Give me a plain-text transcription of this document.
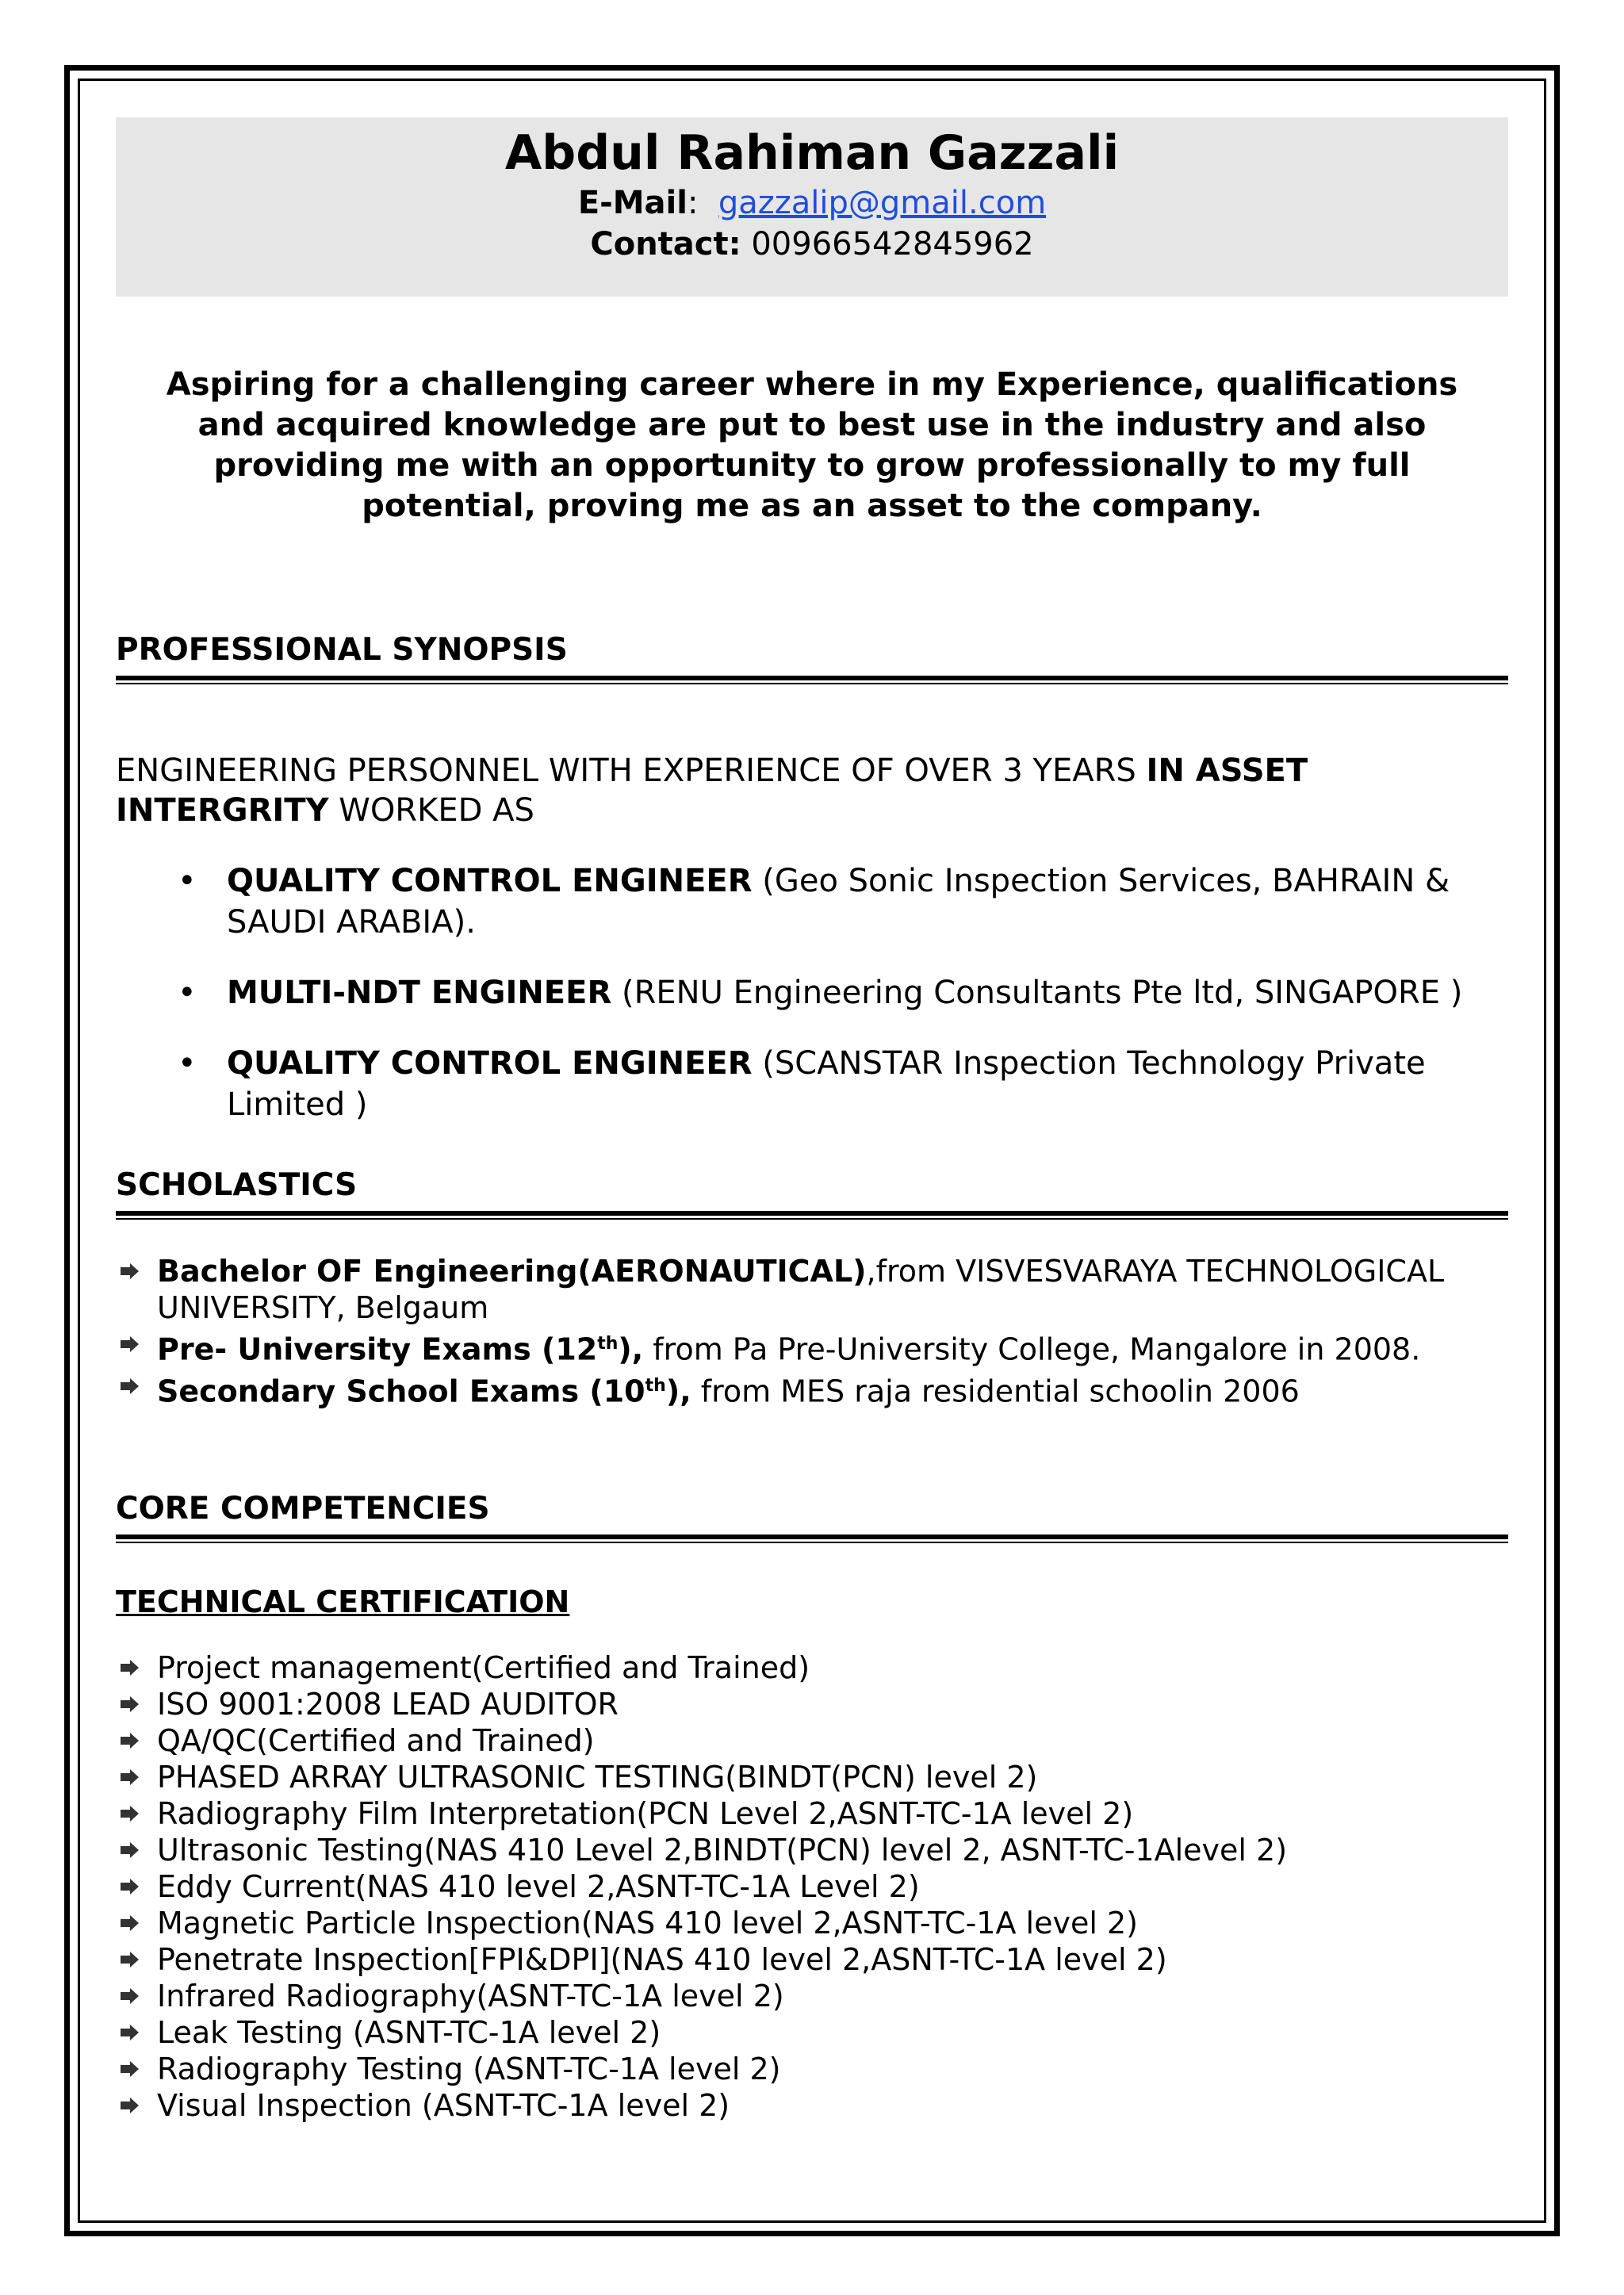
Abdul Rahiman Gazzali
E-Mail:  gazzalip@gmail.com
Contact: 00966542845962
Aspiring for a challenging career where in my Experience, qualifications and acquired knowledge are put to best use in the industry and also providing me with an opportunity to grow professionally to my full potential, proving me as an asset to the company.
PROFESSIONAL SYNOPSIS
ENGINEERING PERSONNEL WITH EXPERIENCE OF OVER 3 YEARS IN ASSET INTERGRITY WORKED AS
• QUALITY CONTROL ENGINEER (Geo Sonic Inspection Services, BAHRAIN & SAUDI ARABIA).
• MULTI-NDT ENGINEER (RENU Engineering Consultants Pte ltd, SINGAPORE )
• QUALITY CONTROL ENGINEER (SCANSTAR Inspection Technology Private Limited )
SCHOLASTICS
Bachelor OF Engineering(AERONAUTICAL),from VISVESVARAYA TECHNOLOGICAL UNIVERSITY, Belgaum
Pre- University Exams (12th), from Pa Pre-University College, Mangalore in 2008.
Secondary School Exams (10th), from MES raja residential schoolin 2006
CORE COMPETENCIES
TECHNICAL CERTIFICATION
Project management(Certified and Trained)
ISO 9001:2008 LEAD AUDITOR
QA/QC(Certified and Trained)
PHASED ARRAY ULTRASONIC TESTING(BINDT(PCN) level 2)
Radiography Film Interpretation(PCN Level 2,ASNT-TC-1A level 2)
Ultrasonic Testing(NAS 410 Level 2,BINDT(PCN) level 2, ASNT-TC-1Alevel 2)
Eddy Current(NAS 410 level 2,ASNT-TC-1A Level 2)
Magnetic Particle Inspection(NAS 410 level 2,ASNT-TC-1A level 2)
Penetrate Inspection[FPI&DPI](NAS 410 level 2,ASNT-TC-1A level 2)
Infrared Radiography(ASNT-TC-1A level 2)
Leak Testing (ASNT-TC-1A level 2)
Radiography Testing (ASNT-TC-1A level 2)
Visual Inspection (ASNT-TC-1A level 2)
